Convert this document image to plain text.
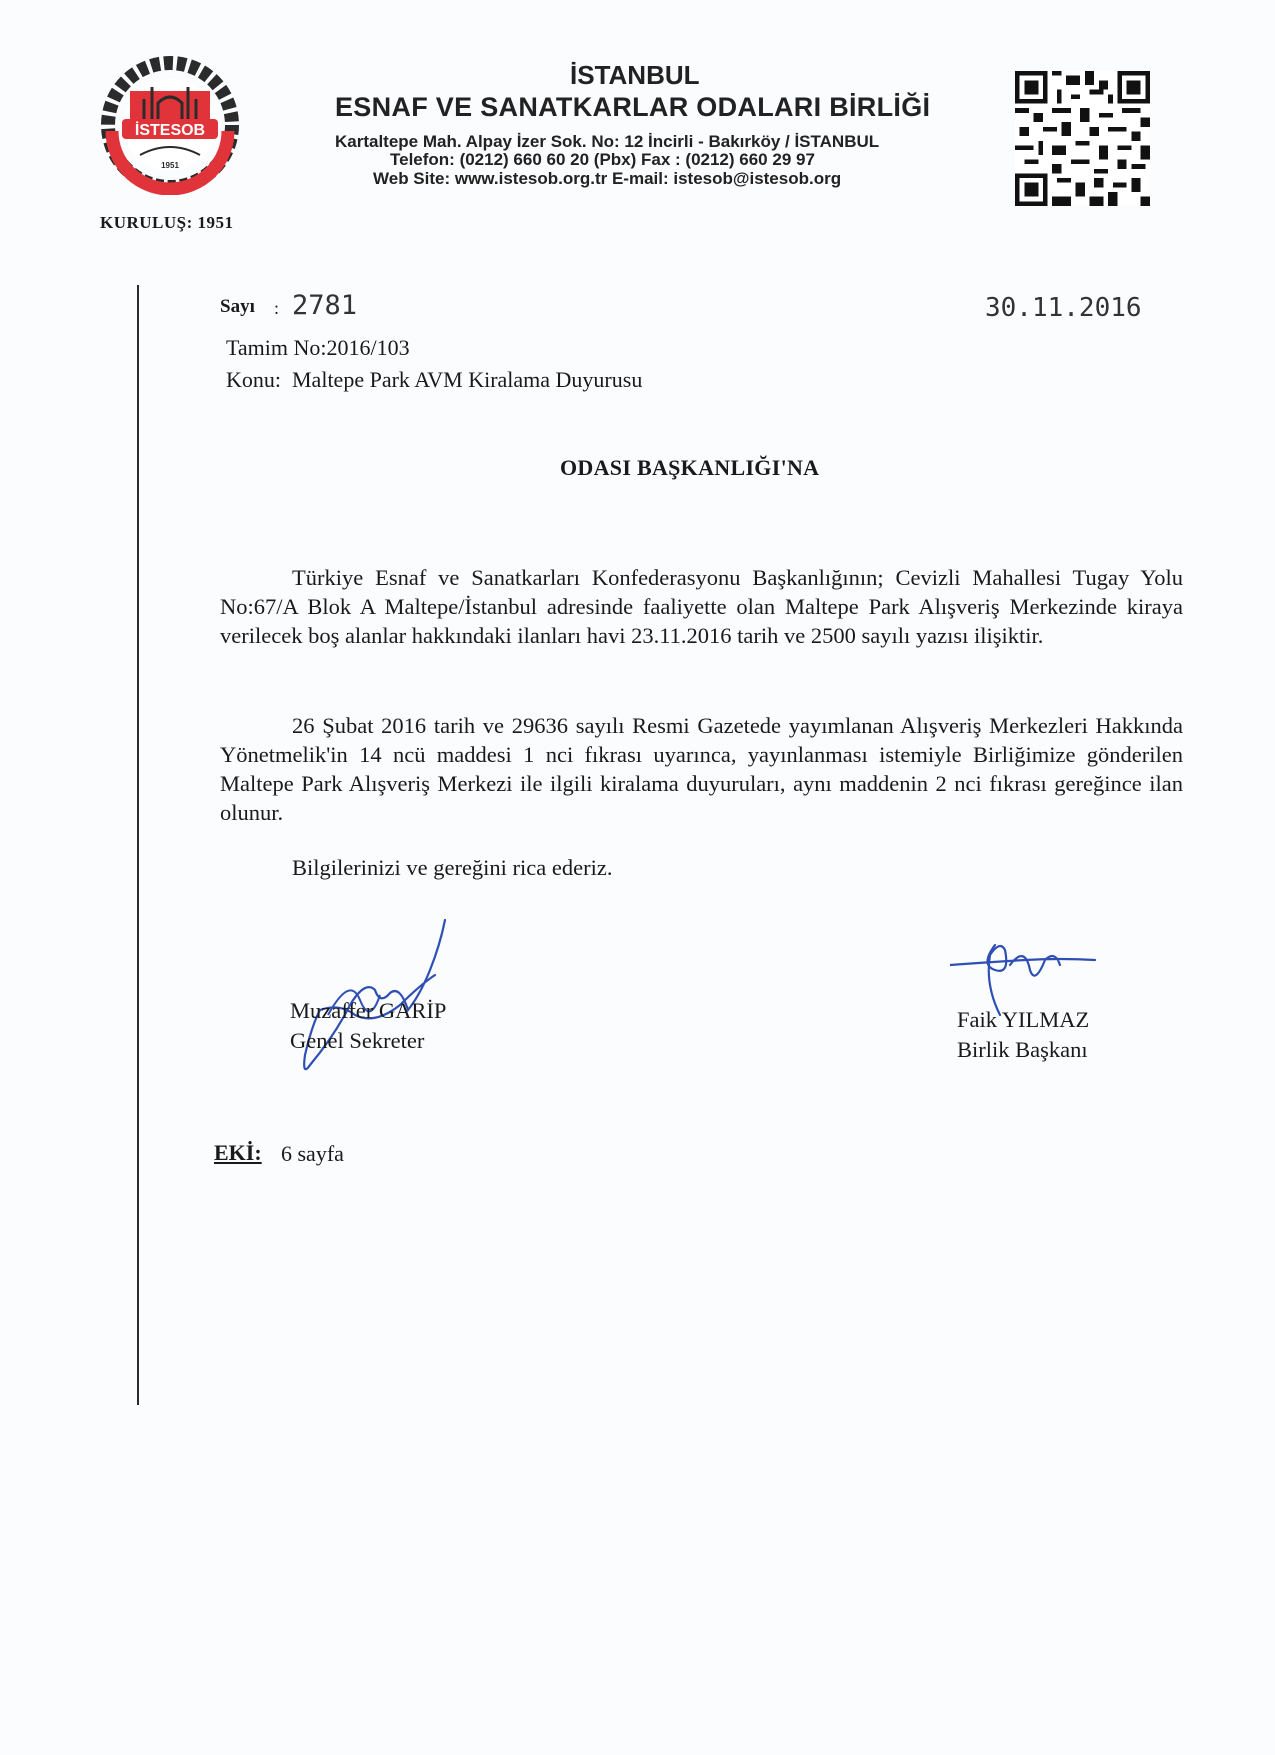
İSTESOB
1951
KURULUŞ: 1951
İSTANBUL
ESNAF VE SANATKARLAR ODALARI BİRLİĞİ
Kartaltepe Mah. Alpay İzer Sok. No: 12 İncirli - Bakırköy / İSTANBUL
Telefon: (0212) 660 60 20 (Pbx) Fax : (0212) 660 29 97
Web Site: www.istesob.org.tr E-mail: istesob@istesob.org
Sayı : 2781	30.11.2016
Tamim No:2016/103
Konu:  Maltepe Park AVM Kiralama Duyurusu
ODASI BAŞKANLIĞI'NA
Türkiye Esnaf ve Sanatkarları Konfederasyonu Başkanlığının; Cevizli Mahallesi Tugay Yolu No:67/A Blok A Maltepe/İstanbul adresinde faaliyette olan Maltepe Park Alışveriş Merkezinde kiraya verilecek boş alanlar hakkındaki ilanları havi 23.11.2016 tarih ve 2500 sayılı yazısı ilişiktir.
26 Şubat 2016 tarih ve 29636 sayılı Resmi Gazetede yayımlanan Alışveriş Merkezleri Hakkında Yönetmelik'in 14 ncü maddesi 1 nci fıkrası uyarınca, yayınlanması istemiyle Birliğimize gönderilen Maltepe Park Alışveriş Merkezi ile ilgili kiralama duyuruları, aynı maddenin 2 nci fıkrası gereğince ilan olunur.
Bilgilerinizi ve gereğini rica ederiz.
Muzaffer GARİP
Genel Sekreter
Faik YILMAZ
Birlik Başkanı
EKİ: 6 sayfa
